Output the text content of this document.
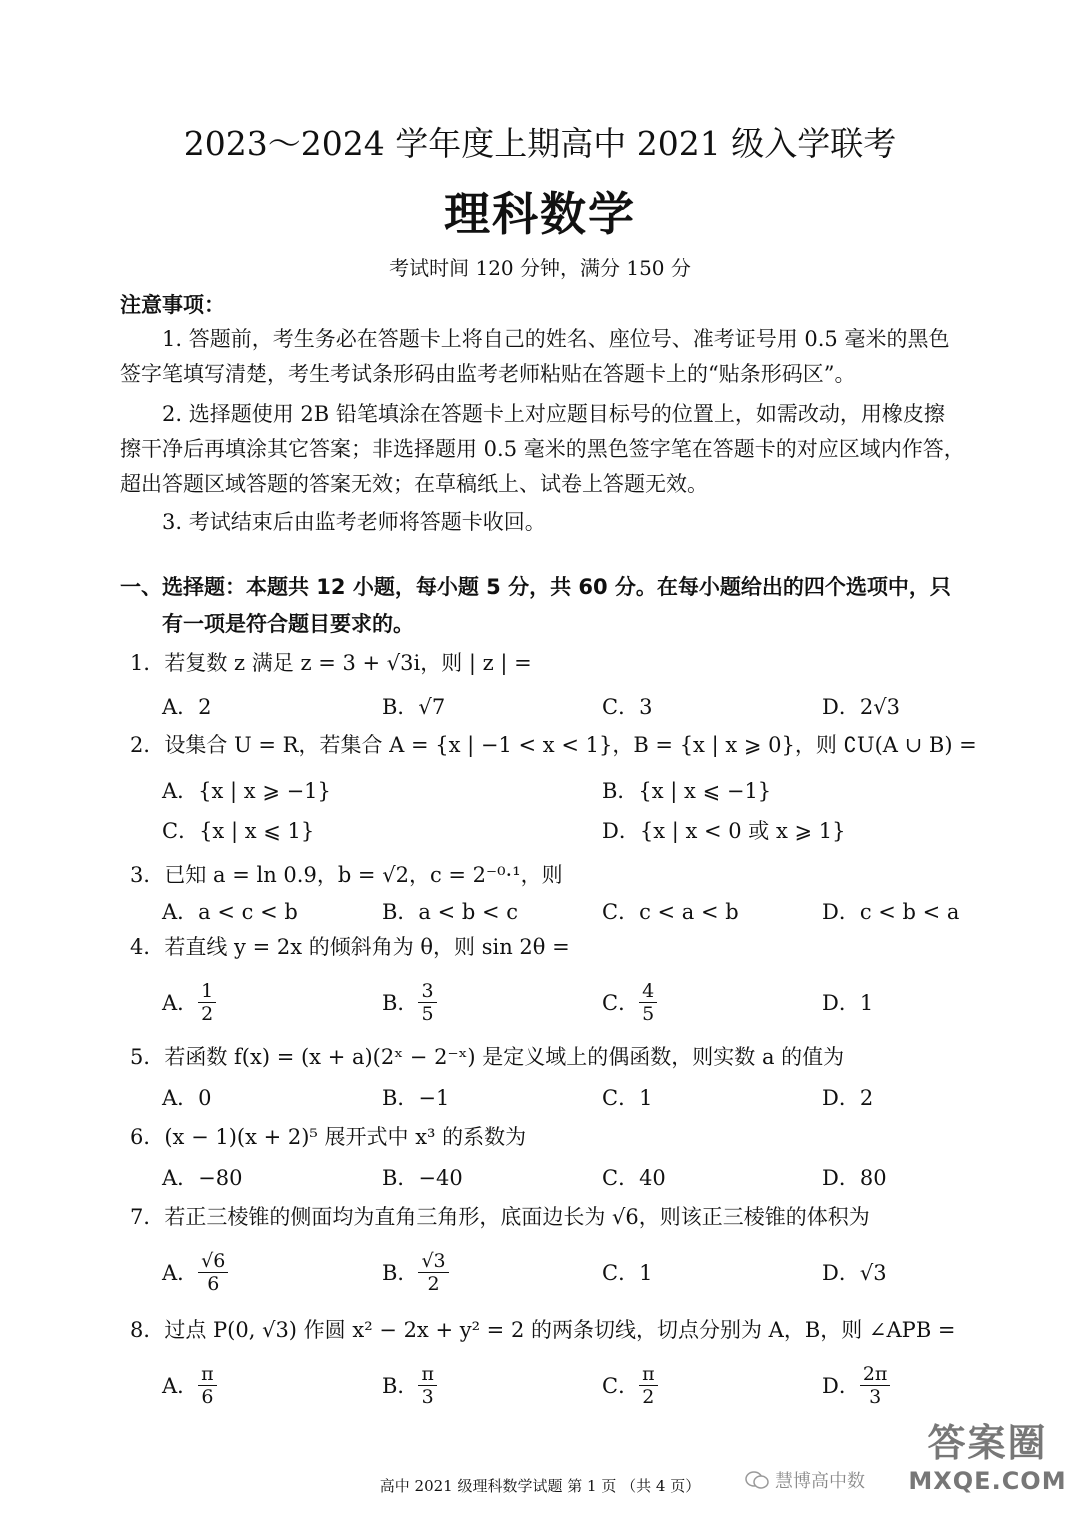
2023～2024 学年度上期高中 2021 级入学联考
理科数学
考试时间 120 分钟，满分 150 分
注意事项：
1. 答题前，考生务必在答题卡上将自己的姓名、座位号、准考证号用 0.5 毫米的黑色
签字笔填写清楚，考生考试条形码由监考老师粘贴在答题卡上的“贴条形码区”。
2. 选择题使用 2B 铅笔填涂在答题卡上对应题目标号的位置上，如需改动，用橡皮擦
擦干净后再填涂其它答案；非选择题用 0.5 毫米的黑色签字笔在答题卡的对应区域内作答，
超出答题区域答题的答案无效；在草稿纸上、试卷上答题无效。
3. 考试结束后由监考老师将答题卡收回。
一、选择题：本题共 12 小题，每小题 5 分，共 60 分。在每小题给出的四个选项中，只
有一项是符合题目要求的。
1．若复数 z 满足 z = 3 + √3i，则 | z | =
A．2	B．√7	C．3	D．2√3
2．设集合 U = R，若集合 A = {x | −1 < x < 1}，B = {x | x ⩾ 0}，则 ∁U(A ∪ B) =
A．{x | x ⩾ −1}	B．{x | x ⩽ −1}
C．{x | x ⩽ 1}	D．{x | x < 0 或 x ⩾ 1}
3．已知 a = ln 0.9，b = √2，c = 2⁻⁰·¹，则
A．a < c < b	B．a < b < c	C．c < a < b	D．c < b < a
4．若直线 y = 2x 的倾斜角为 θ，则 sin 2θ =
A． $\frac{1}{2}$	B． $\frac{3}{5}$	C． $\frac{4}{5}$	D．1
5．若函数 f(x) = (x + a)(2ˣ − 2⁻ˣ) 是定义域上的偶函数，则实数 a 的值为
A．0	B．−1	C．1	D．2
6．(x − 1)(x + 2)⁵ 展开式中 x³ 的系数为
A．−80	B．−40	C．40	D．80
7．若正三棱锥的侧面均为直角三角形，底面边长为 √6，则该正三棱锥的体积为
A． $\frac{√6}{6}$	B． $\frac{√3}{2}$	C．1	D．√3
8．过点 P(0, √3) 作圆 x² − 2x + y² = 2 的两条切线，切点分别为 A，B，则 ∠APB =
A． $\frac{\pi}{6}$	B． $\frac{\pi}{3}$	C． $\frac{\pi}{2}$	D． $\frac{2\pi}{3}$
高中 2021 级理科数学试题 第 1 页 （共 4 页）	慧博高中数
答案圈
MXQE.COM
